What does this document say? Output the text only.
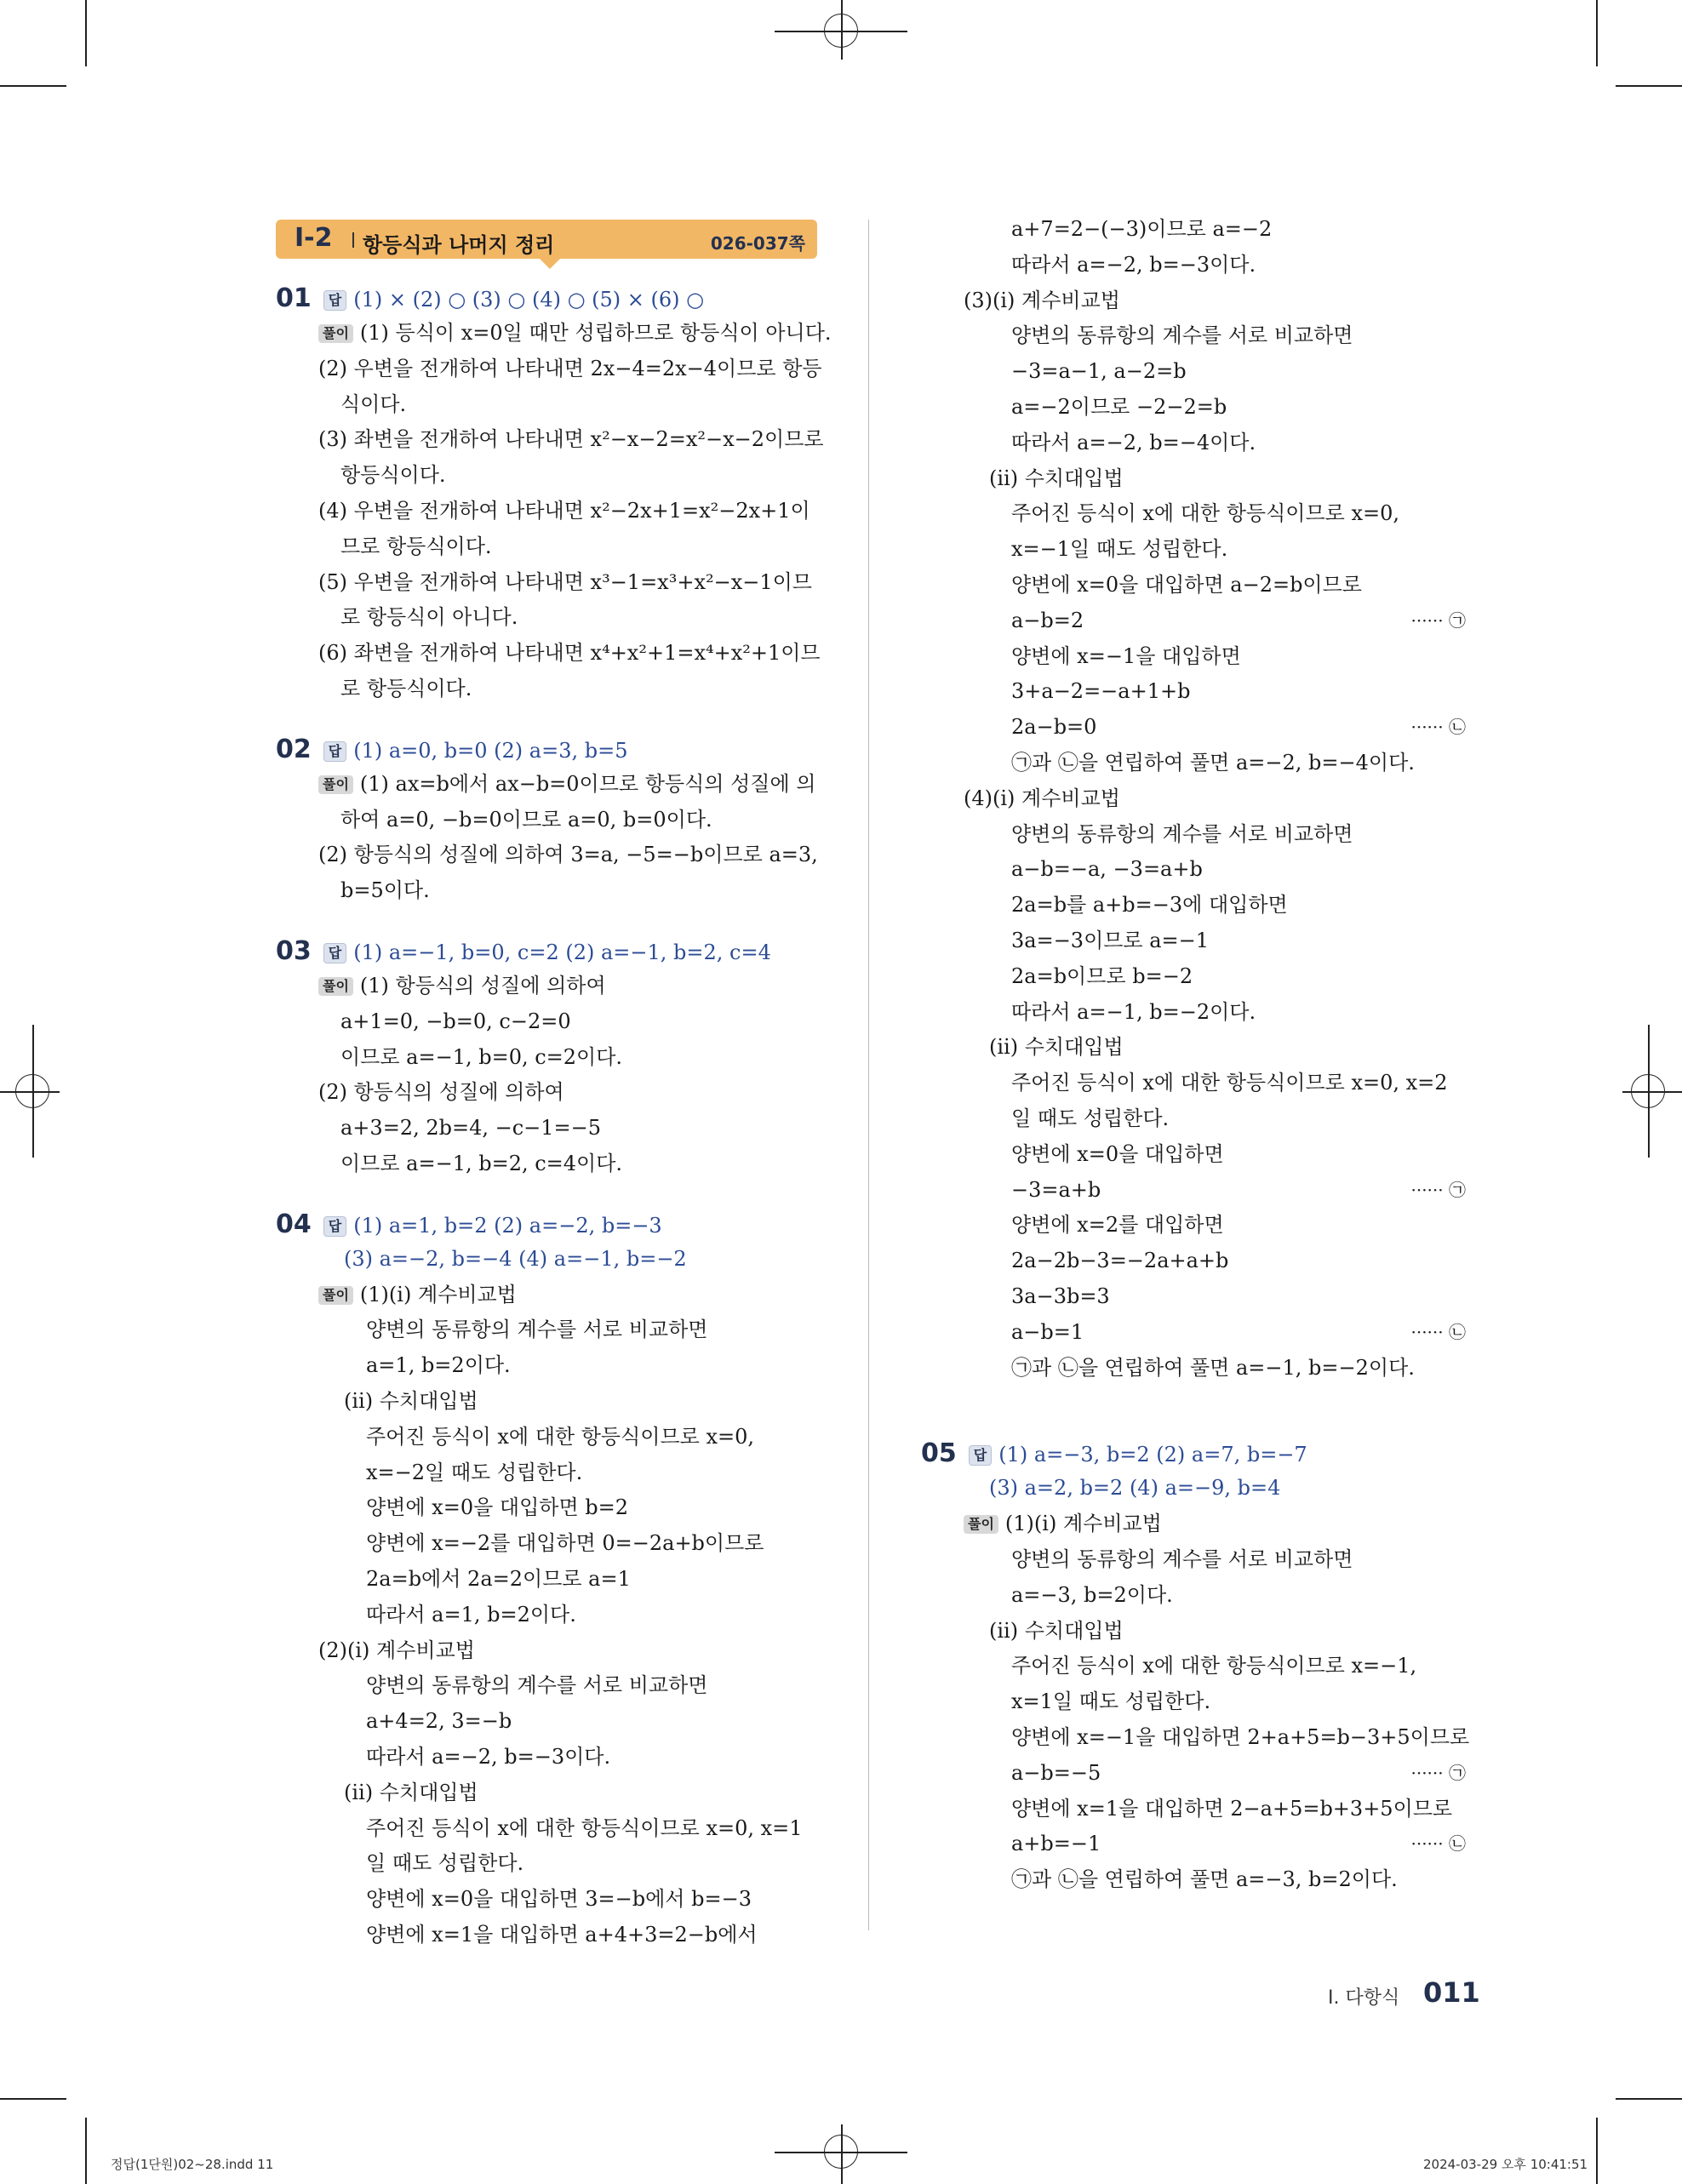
I-2 항등식과 나머지 정리	026-037쪽
01 답 (1) × (2) ○ (3) ○ (4) ○ (5) × (6) ○
풀이 (1) 등식이 x=0일 때만 성립하므로 항등식이 아니다.
(2) 우변을 전개하여 나타내면 2x−4=2x−4이므로 항등
식이다.
(3) 좌변을 전개하여 나타내면 x²−x−2=x²−x−2이므로
항등식이다.
(4) 우변을 전개하여 나타내면 x²−2x+1=x²−2x+1이
므로 항등식이다.
(5) 우변을 전개하여 나타내면 x³−1=x³+x²−x−1이므
로 항등식이 아니다.
(6) 좌변을 전개하여 나타내면 x⁴+x²+1=x⁴+x²+1이므
로 항등식이다.
02 답 (1) a=0, b=0 (2) a=3, b=5
풀이 (1) ax=b에서 ax−b=0이므로 항등식의 성질에 의
하여 a=0, −b=0이므로 a=0, b=0이다.
(2) 항등식의 성질에 의하여 3=a, −5=−b이므로 a=3,
b=5이다.
03 답 (1) a=−1, b=0, c=2 (2) a=−1, b=2, c=4
풀이 (1) 항등식의 성질에 의하여
a+1=0, −b=0, c−2=0
이므로 a=−1, b=0, c=2이다.
(2) 항등식의 성질에 의하여
a+3=2, 2b=4, −c−1=−5
이므로 a=−1, b=2, c=4이다.
04 답 (1) a=1, b=2 (2) a=−2, b=−3
(3) a=−2, b=−4 (4) a=−1, b=−2
풀이 (1)(ⅰ) 계수비교법
양변의 동류항의 계수를 서로 비교하면
a=1, b=2이다.
(ⅱ) 수치대입법
주어진 등식이 x에 대한 항등식이므로 x=0,
x=−2일 때도 성립한다.
양변에 x=0을 대입하면 b=2
양변에 x=−2를 대입하면 0=−2a+b이므로
2a=b에서 2a=2이므로 a=1
따라서 a=1, b=2이다.
(2)(ⅰ) 계수비교법
양변의 동류항의 계수를 서로 비교하면
a+4=2, 3=−b
따라서 a=−2, b=−3이다.
(ⅱ) 수치대입법
주어진 등식이 x에 대한 항등식이므로 x=0, x=1
일 때도 성립한다.
양변에 x=0을 대입하면 3=−b에서 b=−3
양변에 x=1을 대입하면 a+4+3=2−b에서
a+7=2−(−3)이므로 a=−2
따라서 a=−2, b=−3이다.
(3)(ⅰ) 계수비교법
양변의 동류항의 계수를 서로 비교하면
−3=a−1, a−2=b
a=−2이므로 −2−2=b
따라서 a=−2, b=−4이다.
(ⅱ) 수치대입법
주어진 등식이 x에 대한 항등식이므로 x=0,
x=−1일 때도 성립한다.
양변에 x=0을 대입하면 a−2=b이므로
a−b=2	······ ㉠
양변에 x=−1을 대입하면
3+a−2=−a+1+b
2a−b=0	······ ㉡
㉠과 ㉡을 연립하여 풀면 a=−2, b=−4이다.
(4)(ⅰ) 계수비교법
양변의 동류항의 계수를 서로 비교하면
a−b=−a, −3=a+b
2a=b를 a+b=−3에 대입하면
3a=−3이므로 a=−1
2a=b이므로 b=−2
따라서 a=−1, b=−2이다.
(ⅱ) 수치대입법
주어진 등식이 x에 대한 항등식이므로 x=0, x=2
일 때도 성립한다.
양변에 x=0을 대입하면
−3=a+b	······ ㉠
양변에 x=2를 대입하면
2a−2b−3=−2a+a+b
3a−3b=3
a−b=1	······ ㉡
㉠과 ㉡을 연립하여 풀면 a=−1, b=−2이다.
05 답 (1) a=−3, b=2 (2) a=7, b=−7
(3) a=2, b=2 (4) a=−9, b=4
풀이 (1)(ⅰ) 계수비교법
양변의 동류항의 계수를 서로 비교하면
a=−3, b=2이다.
(ⅱ) 수치대입법
주어진 등식이 x에 대한 항등식이므로 x=−1,
x=1일 때도 성립한다.
양변에 x=−1을 대입하면 2+a+5=b−3+5이므로
a−b=−5	······ ㉠
양변에 x=1을 대입하면 2−a+5=b+3+5이므로
a+b=−1	······ ㉡
㉠과 ㉡을 연립하여 풀면 a=−3, b=2이다.
Ⅰ. 다항식 011
정답(1단원)02~28.indd 11	2024-03-29 오후 10:41:51
